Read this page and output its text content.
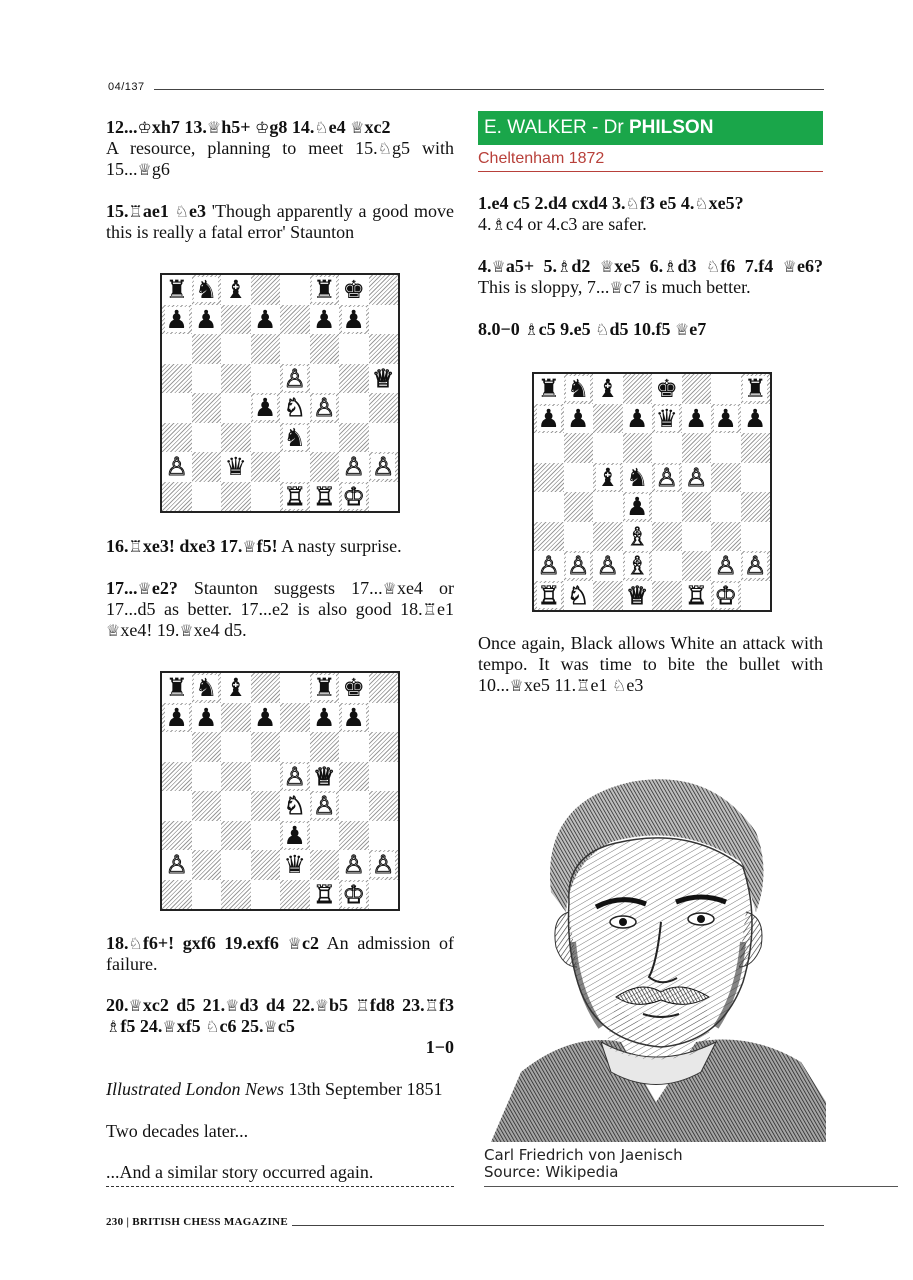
04/137
12...♔xh7 13.♕h5+ ♔g8 14.♘e4 ♕xc2
A resource, planning to meet 15.♘g5 with 15...♕g6
15.♖ae1 ♘e3 'Though apparently a good move this is really a fatal error' Staunton
♜ ♞ ♝	♜ ♚
♟ ♟ ♟ ♟ ♟
♙	♕
♟ ♘ ♙
♞
♙ ♛	♙ ♙
♖ ♖ ♔
16.♖xe3! dxe3 17.♕f5! A nasty surprise.
17...♕e2? Staunton suggests 17...♕xe4 or 17...d5 as better. 17...e2 is also good 18.♖e1 ♕xe4! 19.♕xe4 d5.
♜ ♞ ♝	♜ ♚
♟ ♟ ♟ ♟ ♟
♙ ♕
♘ ♙
♟
♙	♛ ♙ ♙
♖ ♔
18.♘f6+! gxf6 19.exf6 ♕c2 An admission of failure.
20.♕xc2 d5 21.♕d3 d4 22.♕b5 ♖fd8 23.♖f3 ♗f5 24.♕xf5 ♘c6 25.♕c5
1−0
Illustrated London News 13th September 1851
Two decades later...
...And a similar story occurred again.
E. WALKER - Dr PHILSON
Cheltenham 1872
1.e4 c5 2.d4 cxd4 3.♘f3 e5 4.♘xe5?
4.♗c4 or 4.c3 are safer.
4.♕a5+ 5.♗d2 ♕xe5 6.♗d3 ♘f6 7.f4 ♕e6? This is sloppy, 7...♕c7 is much better.
8.0−0 ♗c5 9.e5 ♘d5 10.f5 ♕e7
♜ ♞ ♝ ♚	♜
♟ ♟ ♟ ♛ ♟ ♟ ♟
♝ ♞ ♙ ♙
♟
♗
♙ ♙ ♙ ♗	♙ ♙
♖ ♘ ♕ ♖ ♔
Once again, Black allows White an attack with tempo. It was time to bite the bullet with 10...♕xe5 11.♖e1 ♘e3
Carl Friedrich von Jaenisch
Source: Wikipedia
230 | BRITISH CHESS MAGAZINE
